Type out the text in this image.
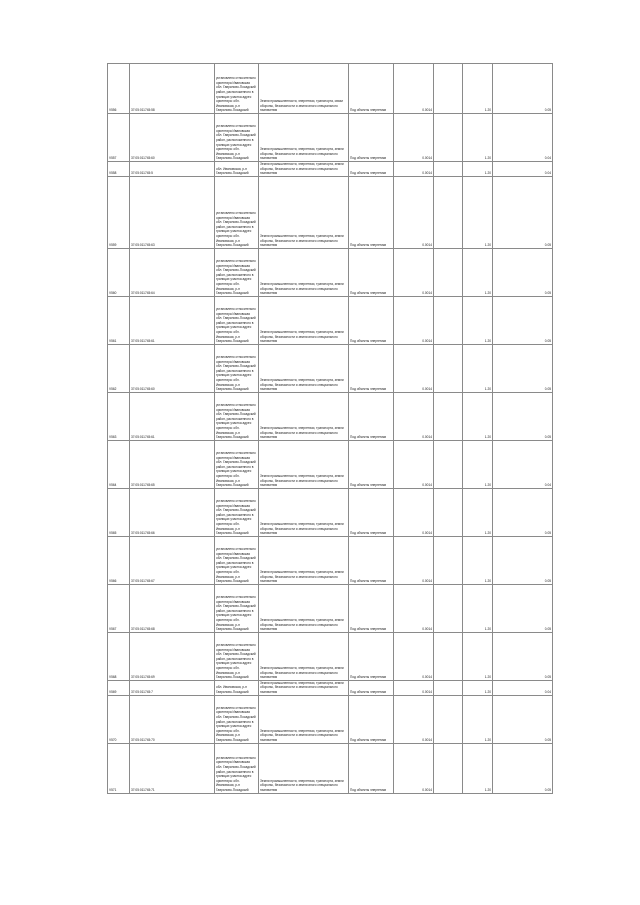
V556	37:05:011745:58	установлено относительно ориентира Ивановская обл. Гаврилово-Посадский район, расположенного в границах участка адрес ориентира: обл. Ивановская, р-н Гаврилово-Посадский	Земли промышленности, энергетики, транспорта, связи обороны, безопасности и земли иного специального назначения	Под объекты энергетики	0.0014		1.20	0.05
V557	37:05:011745:60	установлено относительно ориентира Ивановская обл. Гаврилово-Посадский район, расположенного в границах участка адрес ориентира: обл. Ивановская, р-н Гаврилово-Посадский	Земли промышленности, энергетики, транспорта, земли обороны, безопасности и земли иного специального назначения	Под объекты энергетики	0.0014		1.20	0.04
V558	37:05:011745:5	обл. Ивановская, р-н Гаврилово-Посадский	Земли промышленности, энергетики, транспорта, земли обороны, безопасности и земли иного специального назначения	Под объекты энергетики	0.0014		1.20	0.04
V559	37:05:011745:63	установлено относительно ориентира Ивановская обл. Гаврилово-Посадский район, расположенного в границах участка адрес ориентира: обл. Ивановская, р-н Гаврилово-Посадский	Земли промышленности, энергетики, транспорта, земли обороны, безопасности и земли иного специального назначения	Под объекты энергетики	0.0014		1.20	0.05
V560	37:05:011745:64	установлено относительно ориентира Ивановская обл. Гаврилово-Посадский район, расположенного в границах участка адрес ориентира: обл. Ивановская, р-н Гаврилово-Посадский	Земли промышленности, энергетики, транспорта, земли обороны, безопасности и земли иного специального назначения	Под объекты энергетики	0.0014		1.20	0.05
V561	37:05:011745:61	установлено относительно ориентира Ивановская обл. Гаврилово-Посадский район, расположенного в границах участка адрес ориентира: обл. Ивановская, р-н Гаврилово-Посадский	Земли промышленности, энергетики, транспорта, земли обороны, безопасности и земли иного специального назначения	Под объекты энергетики	0.0014		1.20	0.05
V562	37:05:011745:60	установлено относительно ориентира Ивановская обл. Гаврилово-Посадский район, расположенного в границах участка адрес ориентира: обл. Ивановская, р-н Гаврилово-Посадский	Земли промышленности, энергетики, транспорта, земли обороны, безопасности и земли иного специального назначения	Под объекты энергетики	0.0014		1.20	0.05
V563	37:05:011745:61	установлено относительно ориентира Ивановская обл. Гаврилово-Посадский район, расположенного в границах участка адрес ориентира: обл. Ивановская, р-н Гаврилово-Посадский	Земли промышленности, энергетики, транспорта, земли обороны, безопасности и земли иного специального назначения	Под объекты энергетики	0.0014		1.20	0.05
V564	37:05:011745:65	установлено относительно ориентира Ивановская обл. Гаврилово-Посадский район, расположенного в границах участка адрес ориентира: обл. Ивановская, р-н Гаврилово-Посадский	Земли промышленности, энергетики, транспорта, земли обороны, безопасности и земли иного специального назначения	Под объекты энергетики	0.0014		1.20	0.04
V565	37:05:011745:66	установлено относительно ориентира Ивановская обл. Гаврилово-Посадский район, расположенного в границах участка адрес ориентира: обл. Ивановская, р-н Гаврилово-Посадский	Земли промышленности, энергетики, транспорта, земли обороны, безопасности и земли иного специального назначения	Под объекты энергетики	0.0014		1.20	0.05
V566	37:05:011745:67	установлено относительно ориентира Ивановская обл. Гаврилово-Посадский район, расположенного в границах участка адрес ориентира: обл. Ивановская, р-н Гаврилово-Посадский	Земли промышленности, энергетики, транспорта, земли обороны, безопасности и земли иного специального назначения	Под объекты энергетики	0.0014		1.20	0.05
V567	37:05:011745:68	установлено относительно ориентира Ивановская обл. Гаврилово-Посадский район, расположенного в границах участка адрес ориентира: обл. Ивановская, р-н Гаврилово-Посадский	Земли промышленности, энергетики, транспорта, земли обороны, безопасности и земли иного специального назначения	Под объекты энергетики	0.0014		1.20	0.05
V568	37:05:011745:69	установлено относительно ориентира Ивановская обл. Гаврилово-Посадский район, расположенного в границах участка адрес ориентира: обл. Ивановская, р-н Гаврилово-Посадский	Земли промышленности, энергетики, транспорта, земли обороны, безопасности и земли иного специального назначения	Под объекты энергетики	0.0014		1.20	0.05
V569	37:05:011745:7	обл. Ивановская, р-н Гаврилово-Посадский	Земли промышленности, энергетики, транспорта, земли обороны, безопасности и земли иного специального назначения	Под объекты энергетики	0.0014		1.20	0.04
V570	37:05:011745:70	установлено относительно ориентира Ивановская обл. Гаврилово-Посадский район, расположенного в границах участка адрес ориентира: обл. Ивановская, р-н Гаврилово-Посадский	Земли промышленности, энергетики, транспорта, земли обороны, безопасности и земли иного специального назначения	Под объекты энергетики	0.0014		1.20	0.05
V571	37:05:011745:71	установлено относительно ориентира Ивановская обл. Гаврилово-Посадский район, расположенного в границах участка адрес ориентира: обл. Ивановская, р-н Гаврилово-Посадский	Земли промышленности, энергетики, транспорта, земли обороны, безопасности и земли иного специального назначения	Под объекты энергетики	0.0014		1.20	0.05
